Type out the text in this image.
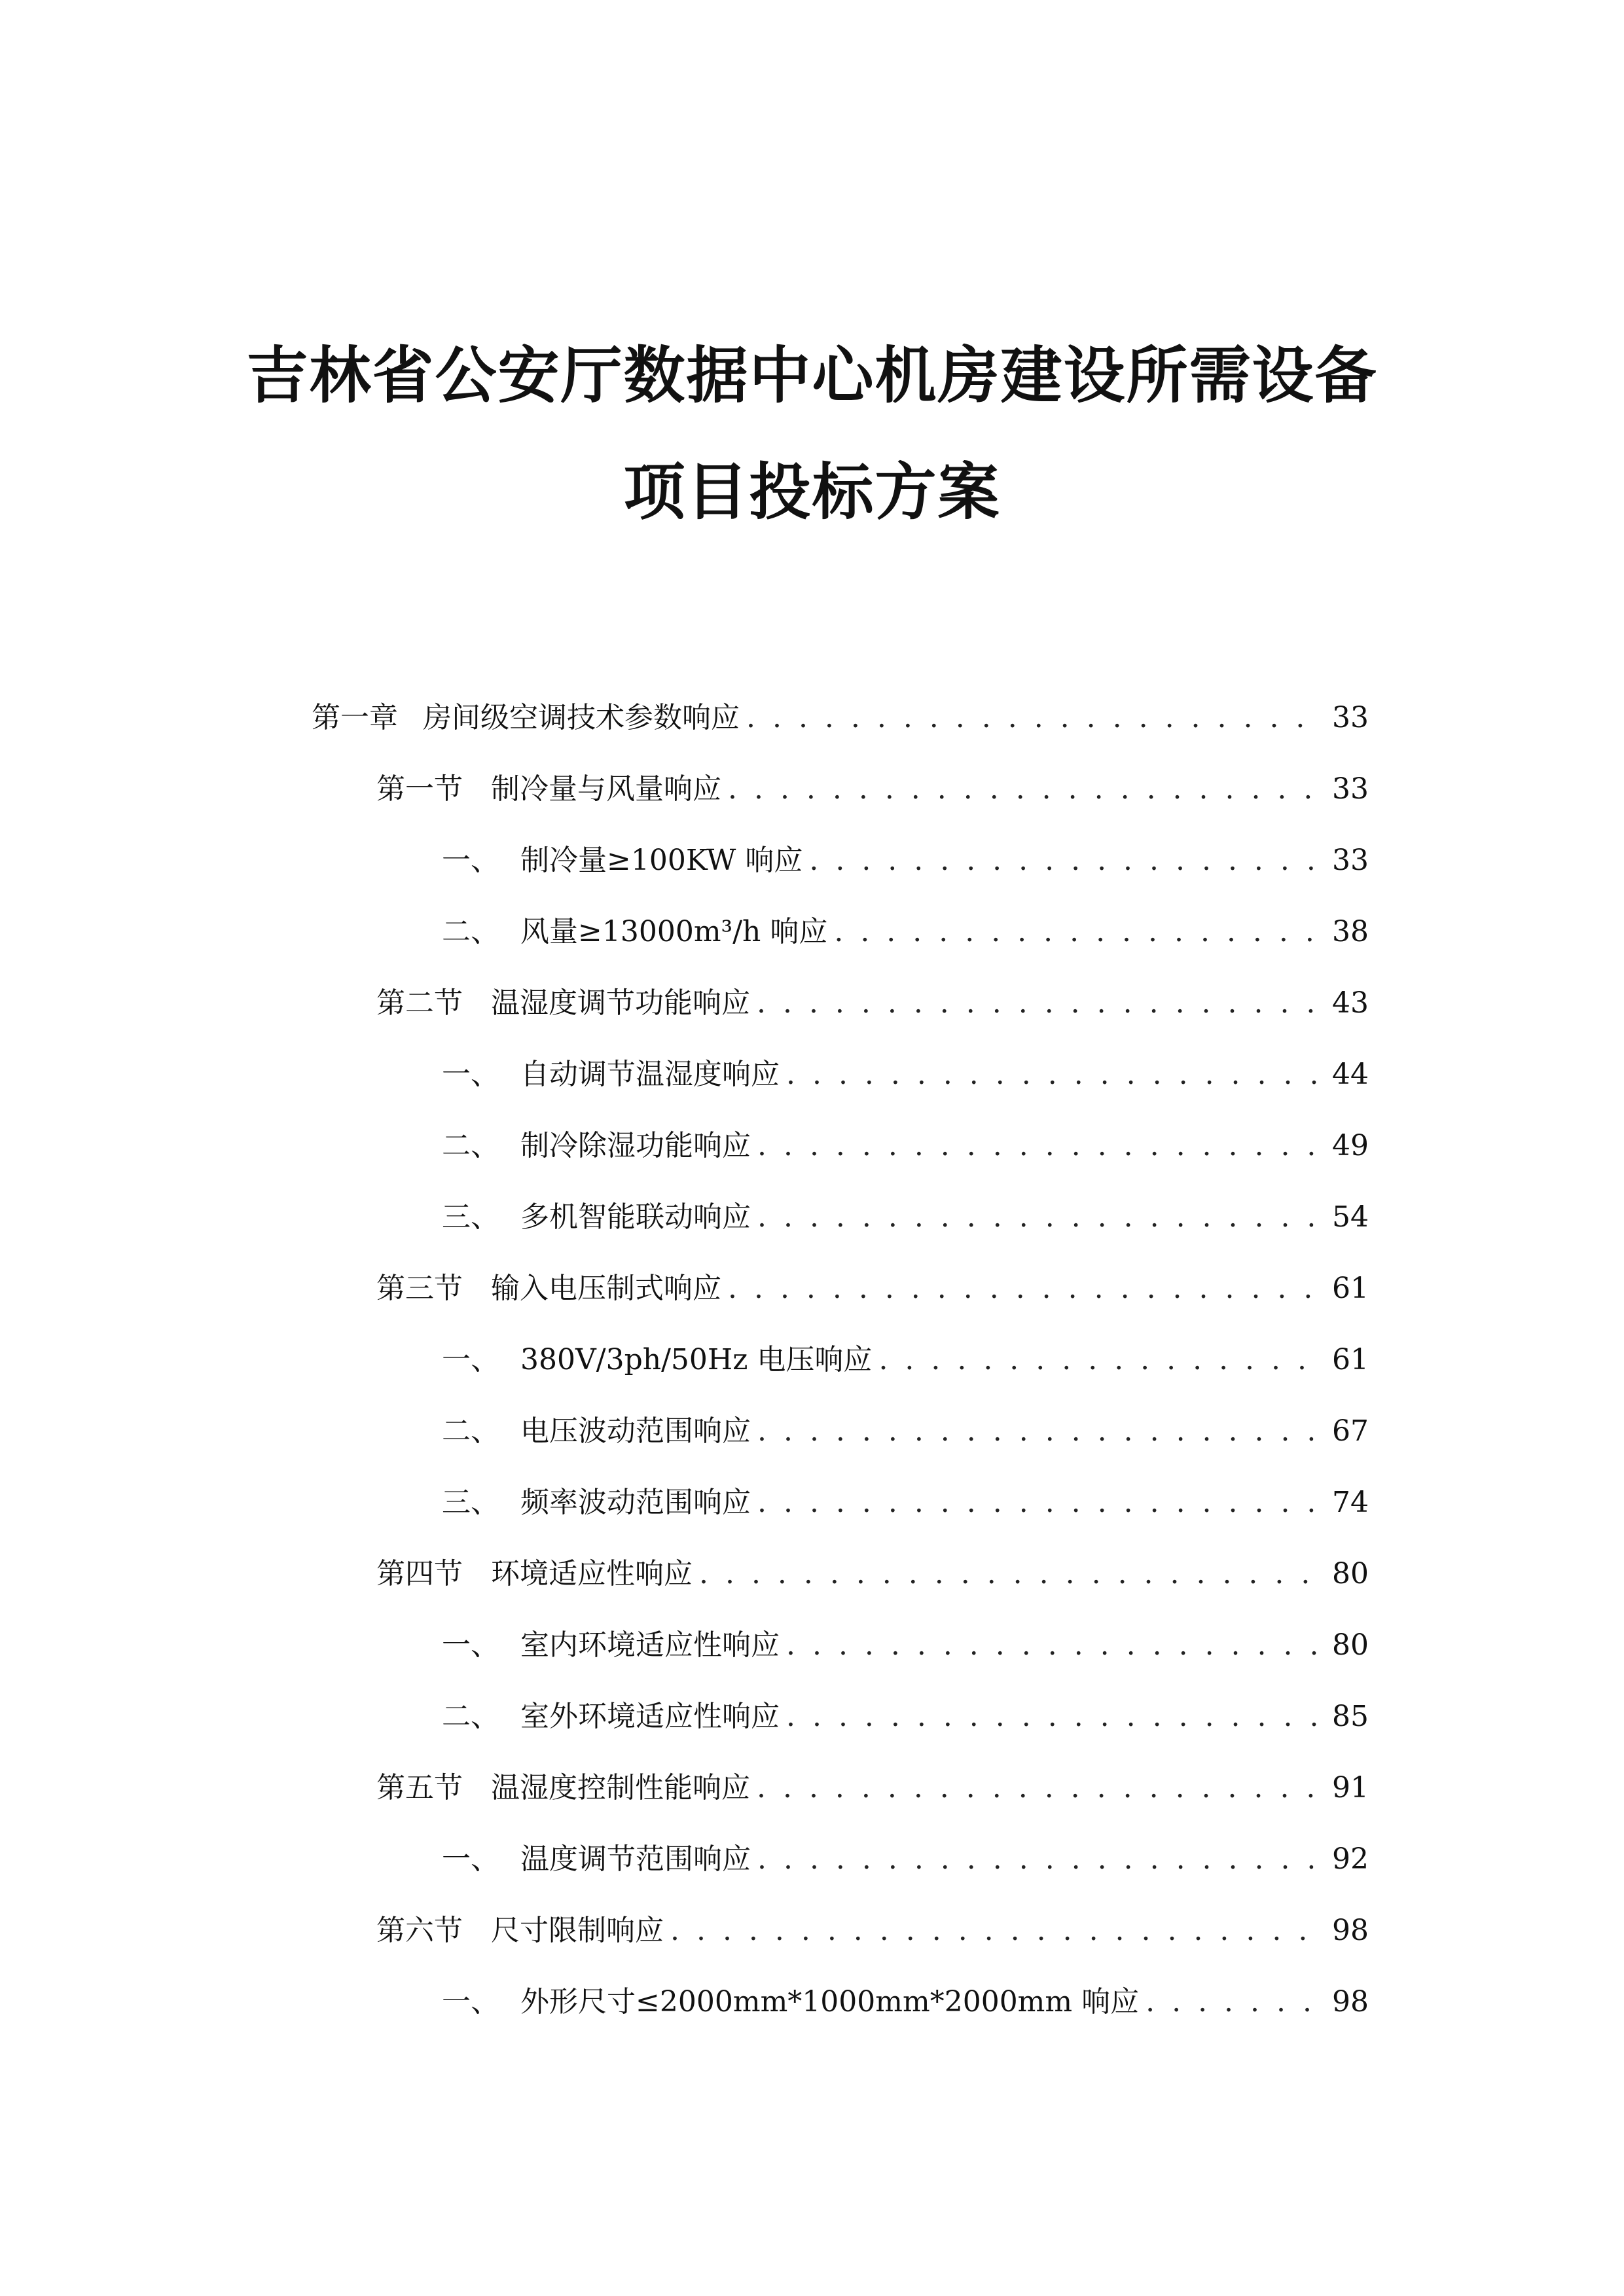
吉林省公安厅数据中心机房建设所需设备
项目投标方案
第一章 房间级空调技术参数响应 . . .	33
第一节 制冷量与风量响应 . . .	33
一、 制冷量≥100KW 响应 . . .	33
二、 风量≥13000m³/h 响应 . . .	38
第二节 温湿度调节功能响应 . . .	43
一、 自动调节温湿度响应 . . .	44
二、 制冷除湿功能响应 . . .	49
三、 多机智能联动响应 . . .	54
第三节 输入电压制式响应 . . .	61
一、 380V/3ph/50Hz 电压响应 . . .	61
二、 电压波动范围响应 . . .	67
三、 频率波动范围响应 . . .	74
第四节 环境适应性响应 . . .	80
一、 室内环境适应性响应 . . .	80
二、 室外环境适应性响应 . . .	85
第五节 温湿度控制性能响应 . . .	91
一、 温度调节范围响应 . . .	92
第六节 尺寸限制响应 . . .	98
一、 外形尺寸≤2000mm*1000mm*2000mm 响应 . . .	98
